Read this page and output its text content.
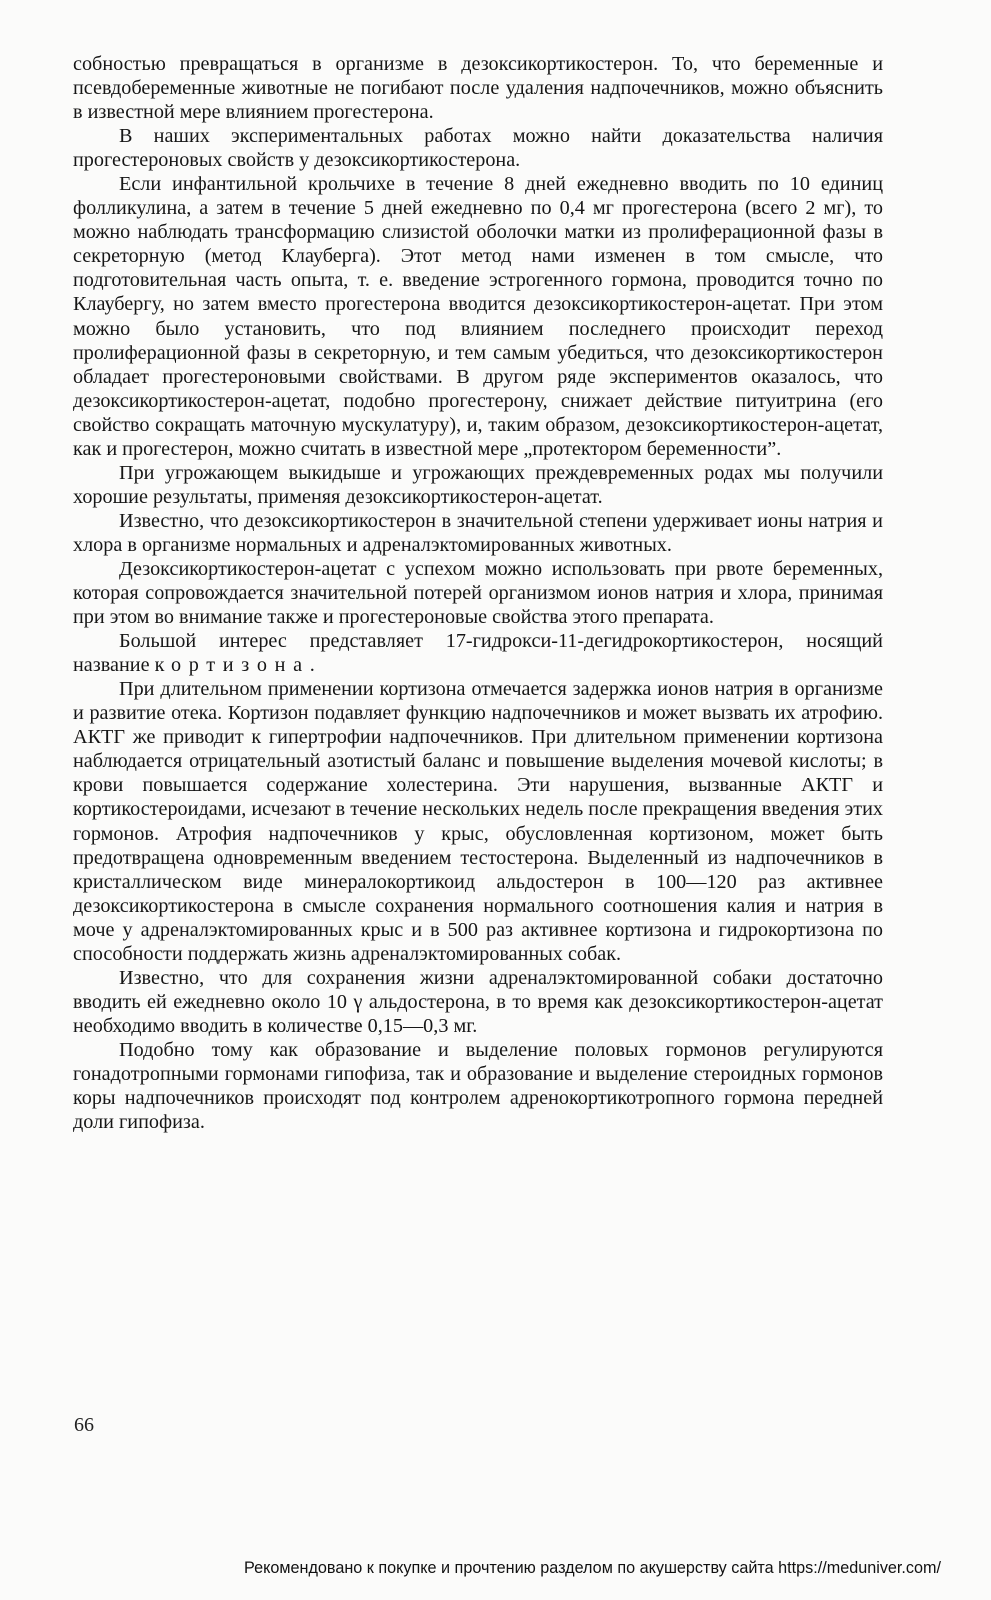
собностью превращаться в организме в дезоксикортикостерон. То, что беременные и псевдобеременные животные не погибают после удаления надпочечников, можно объяснить в известной мере влиянием прогестерона.

В наших экспериментальных работах можно найти доказательства наличия прогестероновых свойств у дезоксикортикостерона.

Если инфантильной крольчихе в течение 8 дней ежедневно вводить по 10 единиц фолликулина, а затем в течение 5 дней ежедневно по 0,4 мг прогестерона (всего 2 мг), то можно наблюдать трансформацию слизистой оболочки матки из пролиферационной фазы в секреторную (метод Клауберга). Этот метод нами изменен в том смысле, что подготовительная часть опыта, т. е. введение эстрогенного гормона, проводится точно по Клаубергу, но затем вместо прогестерона вводится дезоксикортикостерон-ацетат. При этом можно было установить, что под влиянием последнего происходит переход пролиферационной фазы в секреторную, и тем самым убедиться, что дезоксикортикостерон обладает прогестероновыми свойствами. В другом ряде экспериментов оказалось, что дезоксикортикостерон-ацетат, подобно прогестерону, снижает действие питуитрина (его свойство сокращать маточную мускулатуру), и, таким образом, дезоксикортикостерон-ацетат, как и прогестерон, можно считать в известной мере „протектором беременности”.

При угрожающем выкидыше и угрожающих преждевременных родах мы получили хорошие результаты, применяя дезоксикортикостерон-ацетат.

Известно, что дезоксикортикостерон в значительной степени удерживает ионы натрия и хлора в организме нормальных и адреналэктомированных животных.

Дезоксикортикостерон-ацетат с успехом можно использовать при рвоте беременных, которая сопровождается значительной потерей организмом ионов натрия и хлора, принимая при этом во внимание также и прогестероновые свойства этого препарата.

Большой интерес представляет 17-гидрокси-11-дегидрокортикостерон, носящий название кортизона.

При длительном применении кортизона отмечается задержка ионов натрия в организме и развитие отека. Кортизон подавляет функцию надпочечников и может вызвать их атрофию. АКТГ же приводит к гипертрофии надпочечников. При длительном применении кортизона наблюдается отрицательный азотистый баланс и повышение выделения мочевой кислоты; в крови повышается содержание холестерина. Эти нарушения, вызванные АКТГ и кортикостероидами, исчезают в течение нескольких недель после прекращения введения этих гормонов. Атрофия надпочечников у крыс, обусловленная кортизоном, может быть предотвращена одновременным введением тестостерона. Выделенный из надпочечников в кристаллическом виде минералокортикоид альдостерон в 100—120 раз активнее дезоксикортикостерона в смысле сохранения нормального соотношения калия и натрия в моче у адреналэктомированных крыс и в 500 раз активнее кортизона и гидрокортизона по способности поддержать жизнь адреналэктомированных собак.

Известно, что для сохранения жизни адреналэктомированной собаки достаточно вводить ей ежедневно около 10 γ альдостерона, в то время как дезоксикортикостерон-ацетат необходимо вводить в количестве 0,15—0,3 мг.

Подобно тому как образование и выделение половых гормонов регулируются гонадотропными гормонами гипофиза, так и образование и выделение стероидных гормонов коры надпочечников происходят под контролем адренокортикотропного гормона передней доли гипофиза.

66
Рекомендовано к покупке и прочтению разделом по акушерству сайта https://meduniver.com/
